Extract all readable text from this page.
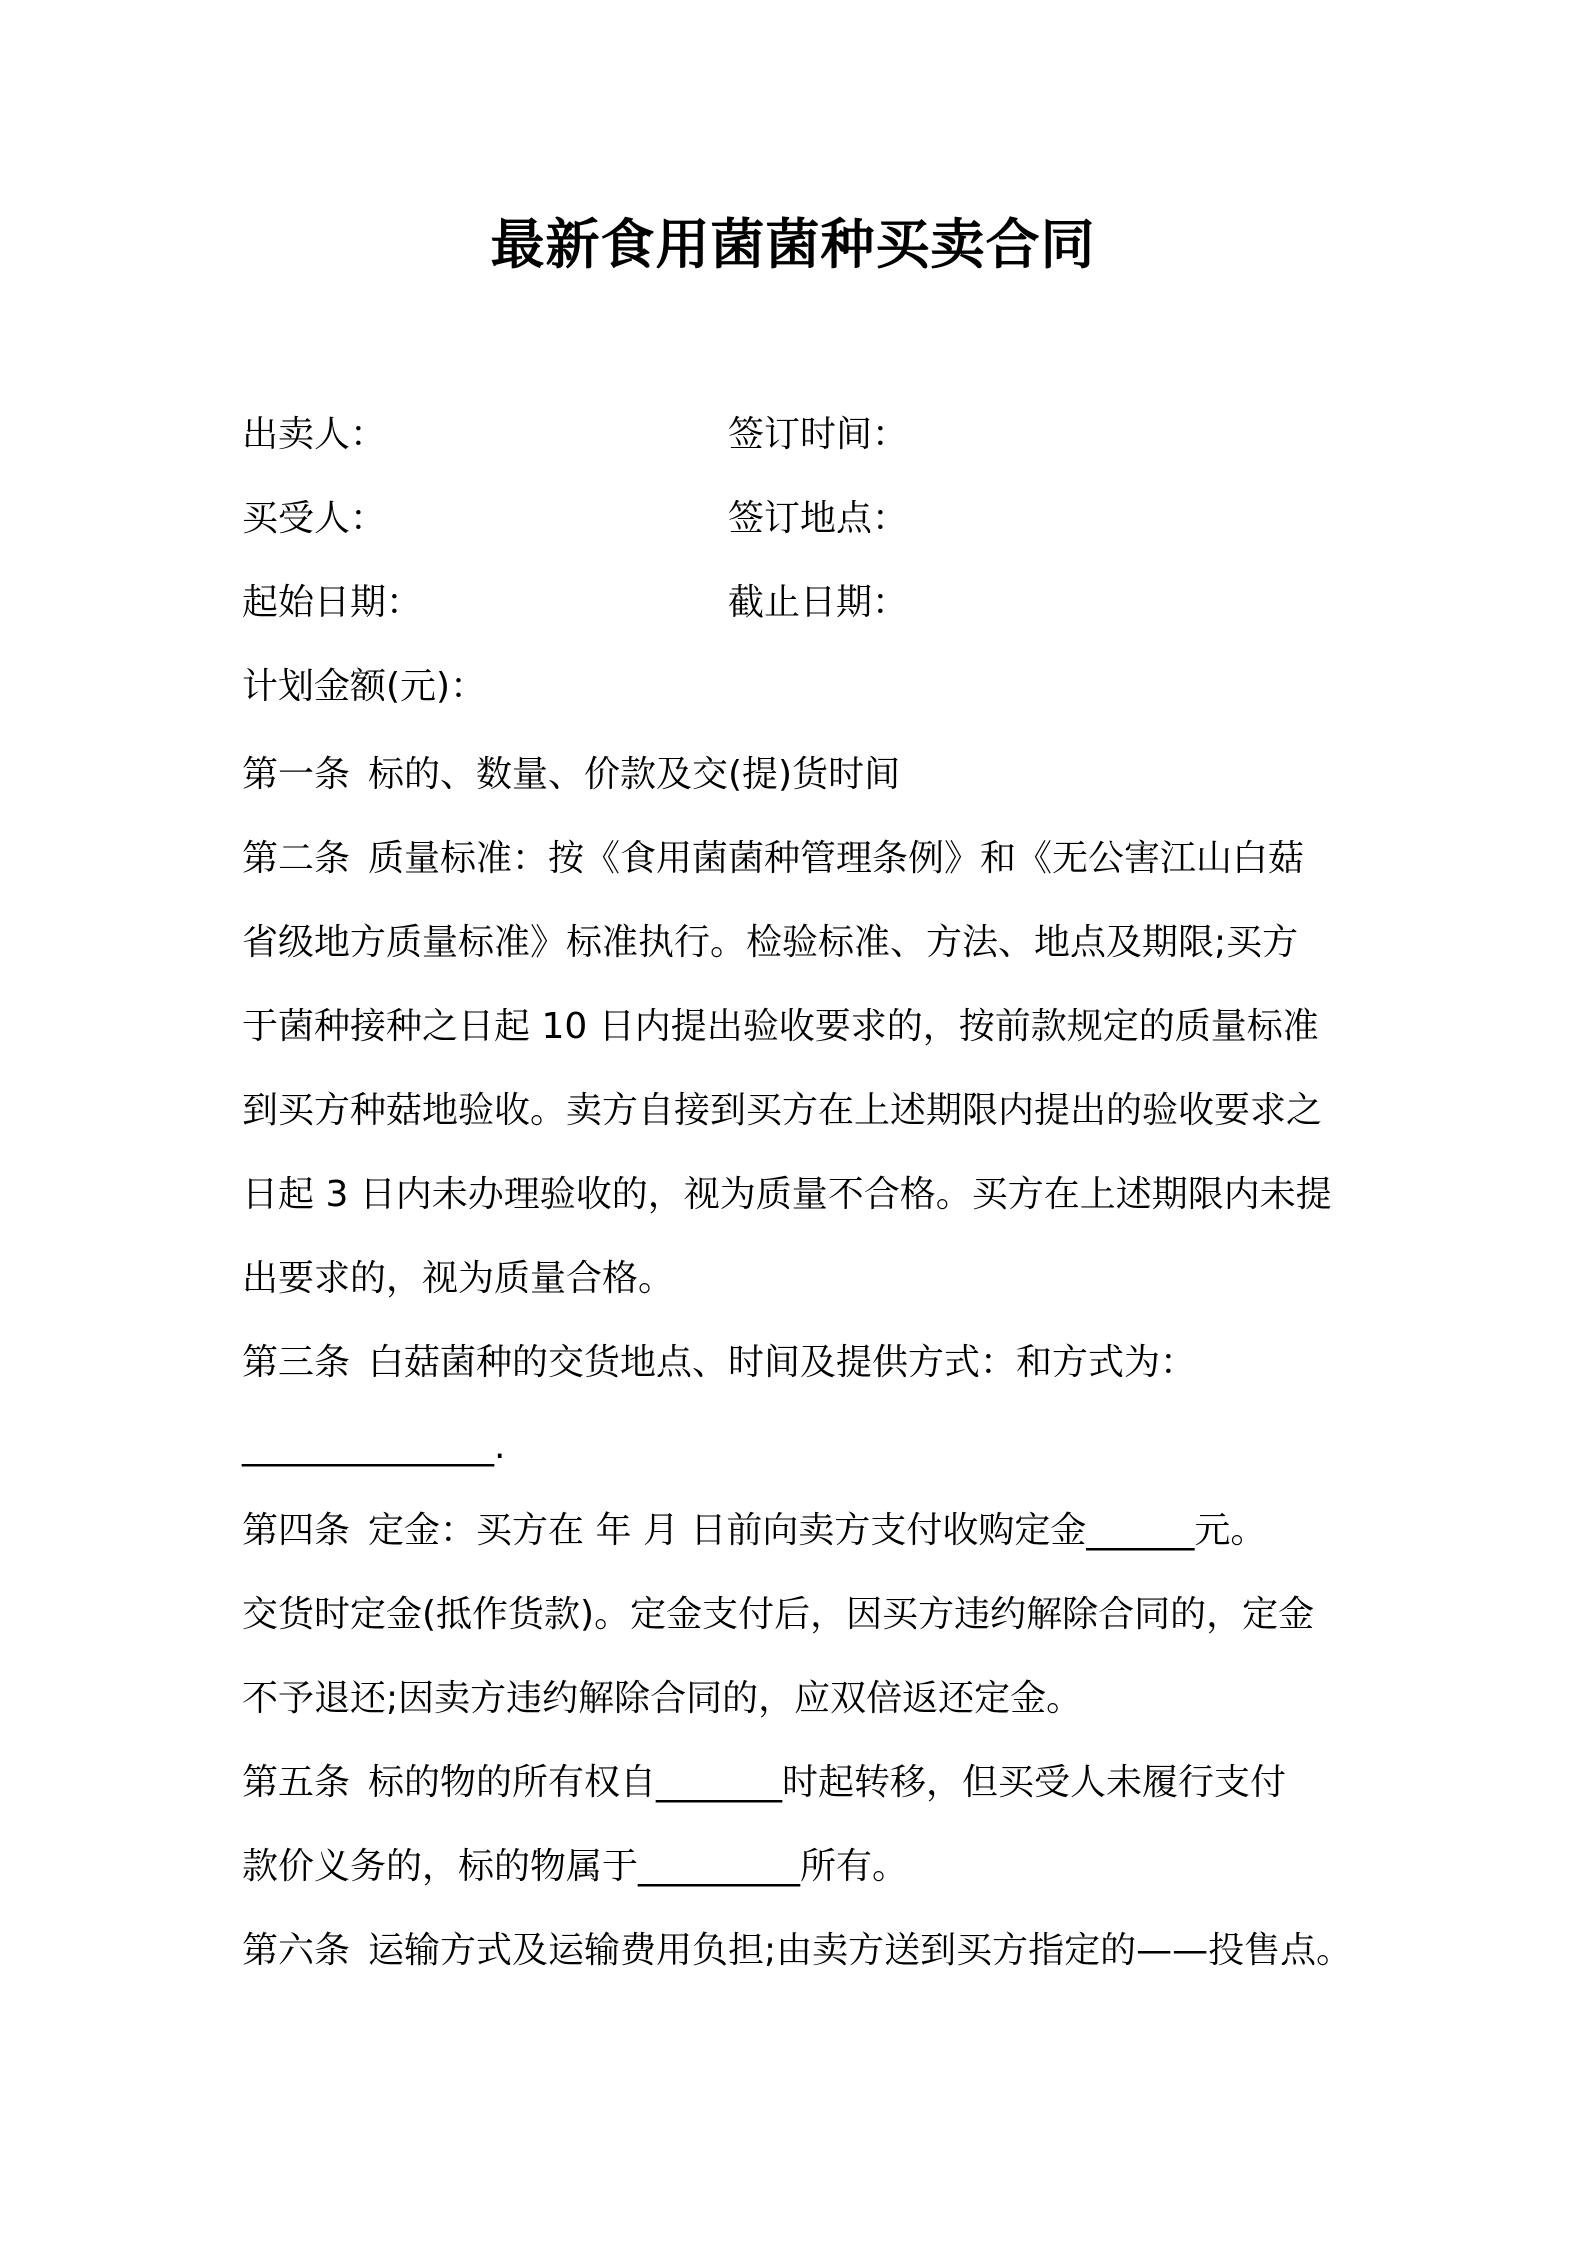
最新食用菌菌种买卖合同
出卖人：	签订时间：
买受人：	签订地点：
起始日期：	截止日期：
计划金额(元)：
第一条 标的、数量、价款及交(提)货时间
第二条 质量标准：按《食用菌菌种管理条例》和《无公害江山白菇
省级地方质量标准》标准执行。检验标准、方法、地点及期限;买方
于菌种接种之日起 10 日内提出验收要求的，按前款规定的质量标准
到买方种菇地验收。卖方自接到买方在上述期限内提出的验收要求之
日起 3 日内未办理验收的，视为质量不合格。买方在上述期限内未提
出要求的，视为质量合格。
第三条 白菇菌种的交货地点、时间及提供方式：和方式为：
______________.
第四条 定金：买方在 年 月 日前向卖方支付收购定金______元。
交货时定金(抵作货款)。定金支付后，因买方违约解除合同的，定金
不予退还;因卖方违约解除合同的，应双倍返还定金。
第五条 标的物的所有权自_______时起转移，但买受人未履行支付
款价义务的，标的物属于_________所有。
第六条 运输方式及运输费用负担;由卖方送到买方指定的——投售点。
